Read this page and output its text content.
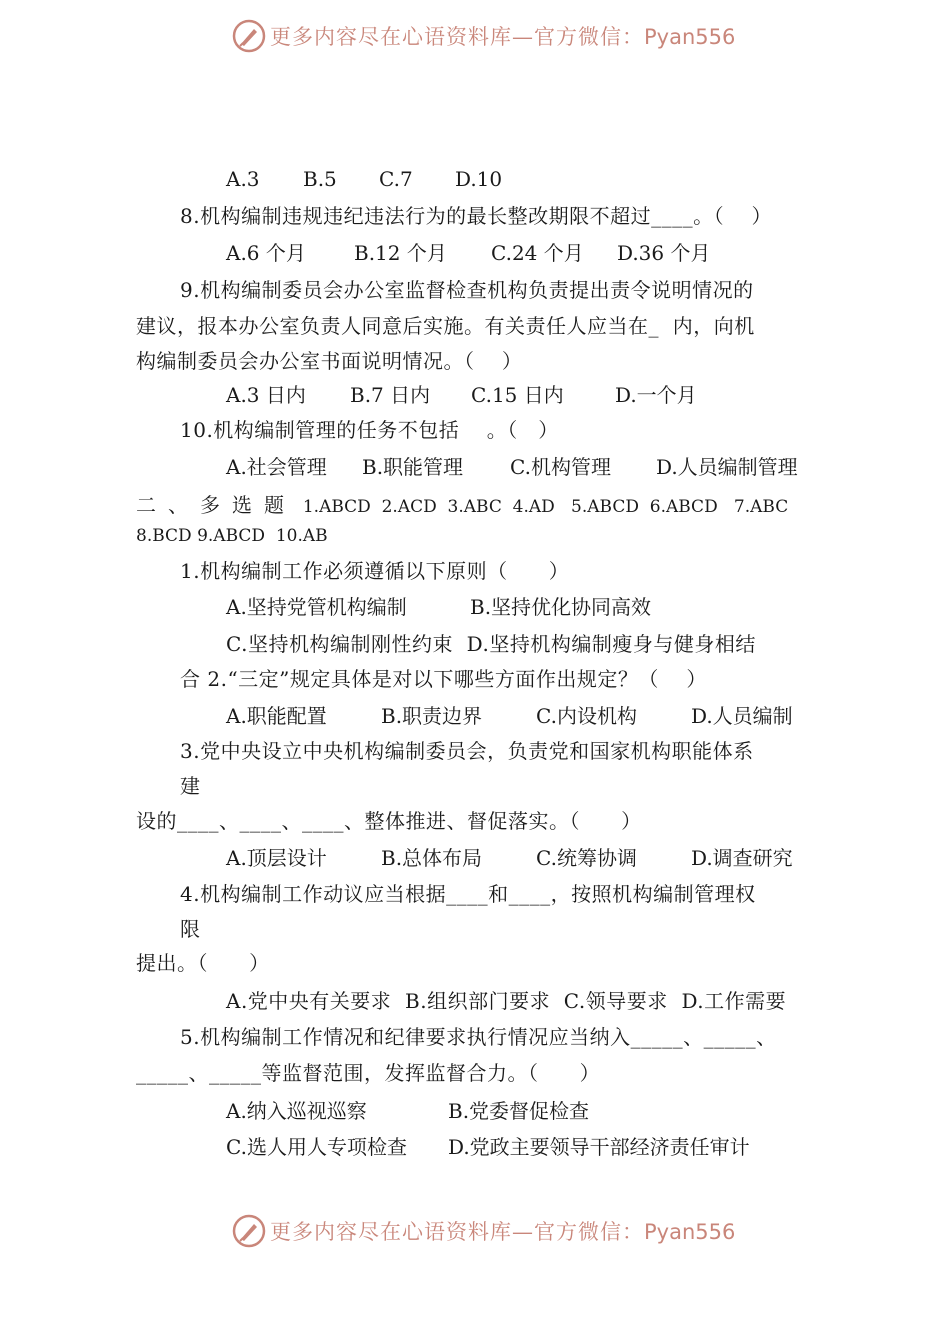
更多内容尽在心语资料库—官方微信：Pyan556
A.3 B.5 C.7 D.10
8.机构编制违规违纪违法行为的最长整改期限不超过____。（    ）
A.6 个月 B.12 个月 C.24 个月 D.36 个月
9.机构编制委员会办公室监督检查机构负责提出责令说明情况的
建议，报本办公室负责人同意后实施。有关责任人应当在_  内，向机
构编制委员会办公室书面说明情况。（    ）
A.3 日内 B.7 日内 C.15 日内	D.一个月
10.机构编制管理的任务不包括    。（   ）
A.社会管理 B.职能管理 C.机构管理 D.人员编制管理
二、多选题 1.ABCD  2.ACD  3.ABC  4.AD   5.ABCD  6.ABCD   7.ABC
8.BCD 9.ABCD  10.AB
1.机构编制工作必须遵循以下原则（      ）
A.坚持党管机构编制	B.坚持优化协同高效
C.坚持机构编制刚性约束  D.坚持机构编制瘦身与健身相结
合 2.“三定”规定具体是对以下哪些方面作出规定？（    ）
A.职能配置	B.职责边界	C.内设机构	D.人员编制
3.党中央设立中央机构编制委员会，负责党和国家机构职能体系
建
设的____、____、____、整体推进、督促落实。（      ）
A.顶层设计	B.总体布局	C.统筹协调	D.调查研究
4.机构编制工作动议应当根据____和____，按照机构编制管理权
限
提出。（      ）
A.党中央有关要求  B.组织部门要求  C.领导要求  D.工作需要
5.机构编制工作情况和纪律要求执行情况应当纳入_____、_____、
_____、_____等监督范围，发挥监督合力。（      ）
A.纳入巡视巡察	B.党委督促检查
C.选人用人专项检查 D.党政主要领导干部经济责任审计
更多内容尽在心语资料库—官方微信：Pyan556
